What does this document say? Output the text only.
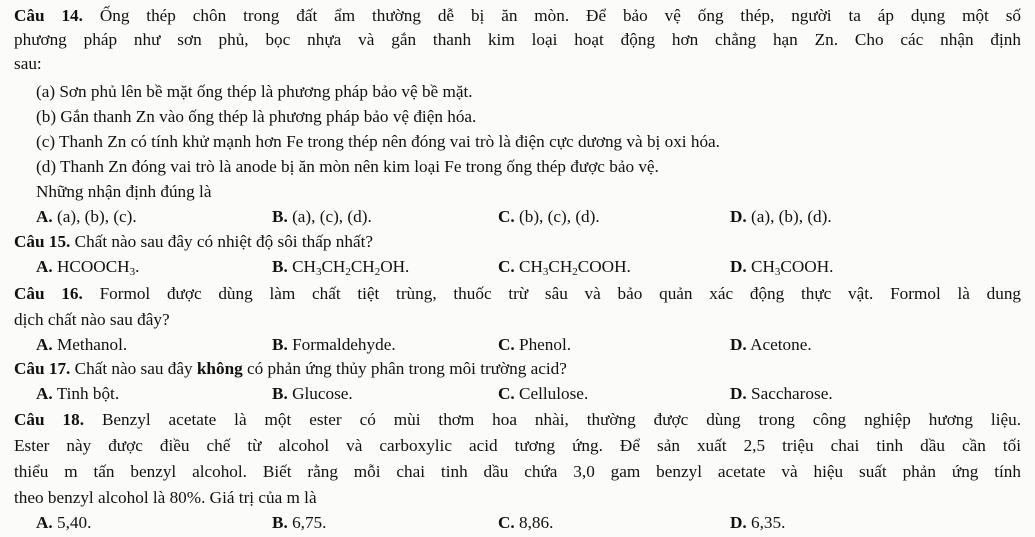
Câu 14. Ống thép chôn trong đất ẩm thường dễ bị ăn mòn. Để bảo vệ ống thép, người ta áp dụng một số
phương pháp như sơn phủ, bọc nhựa và gắn thanh kim loại hoạt động hơn chẳng hạn Zn. Cho các nhận định
sau:
(a) Sơn phủ lên bề mặt ống thép là phương pháp bảo vệ bề mặt.
(b) Gắn thanh Zn vào ống thép là phương pháp bảo vệ điện hóa.
(c) Thanh Zn có tính khử mạnh hơn Fe trong thép nên đóng vai trò là điện cực dương và bị oxi hóa.
(d) Thanh Zn đóng vai trò là anode bị ăn mòn nên kim loại Fe trong ống thép được bảo vệ.
Những nhận định đúng là
A. (a), (b), (c).	B. (a), (c), (d).	C. (b), (c), (d).	D. (a), (b), (d).
Câu 15. Chất nào sau đây có nhiệt độ sôi thấp nhất?
A. $HCOOCH_3$.	B. $CH_3CH_2CH_2OH$.	C. $CH_3CH_2COOH$.	D. $CH_3COOH$.
Câu 16. Formol được dùng làm chất tiệt trùng, thuốc trừ sâu và bảo quản xác động thực vật. Formol là dung
dịch chất nào sau đây?
A. Methanol.	B. Formaldehyde.	C. Phenol.	D. Acetone.
Câu 17. Chất nào sau đây không có phản ứng thủy phân trong môi trường acid?
A. Tinh bột.	B. Glucose.	C. Cellulose.	D. Saccharose.
Câu 18. Benzyl acetate là một ester có mùi thơm hoa nhài, thường được dùng trong công nghiệp hương liệu.
Ester này được điều chế từ alcohol và carboxylic acid tương ứng. Để sản xuất 2,5 triệu chai tinh dầu cần tối
thiểu m tấn benzyl alcohol. Biết rằng mỗi chai tinh dầu chứa 3,0 gam benzyl acetate và hiệu suất phản ứng tính
theo benzyl alcohol là 80%. Giá trị của m là
A. 5,40.	B. 6,75.	C. 8,86.	D. 6,35.
